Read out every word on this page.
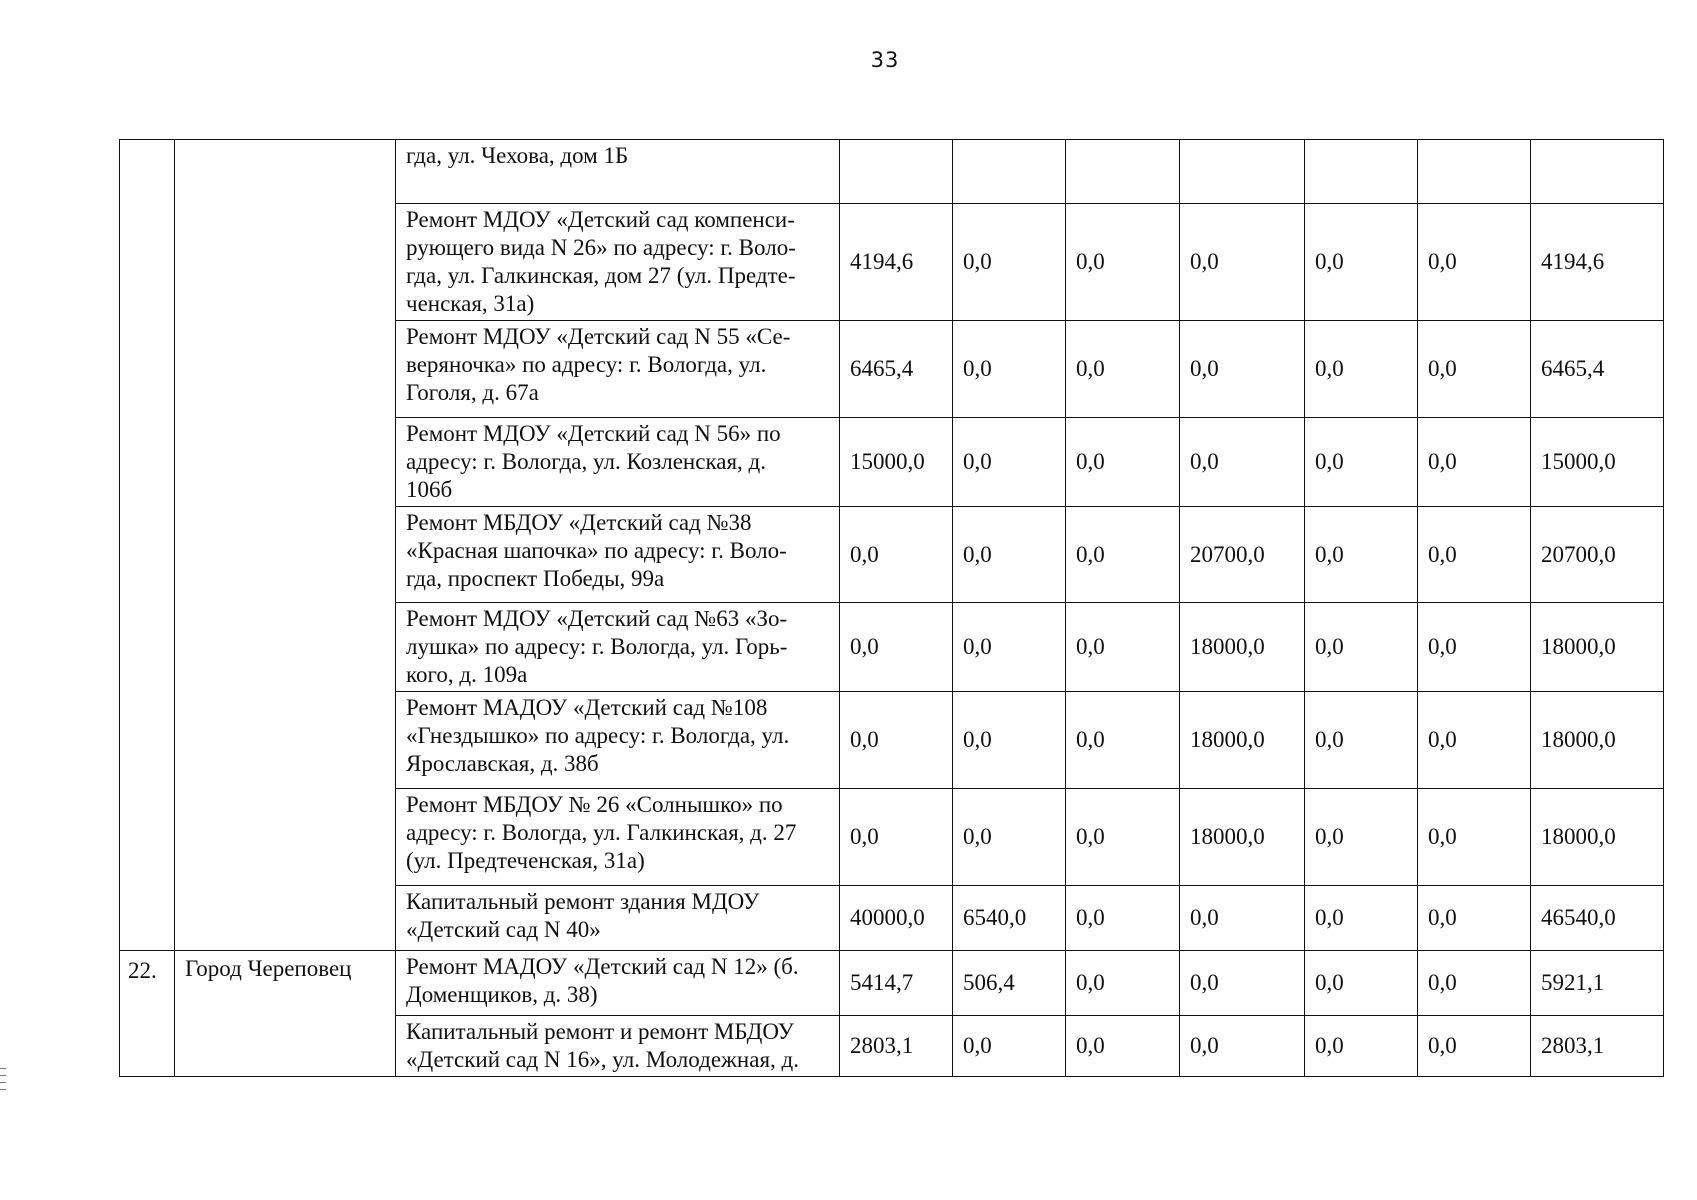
33
		гда, ул. Чехова, дом 1Б							
		Ремонт МДОУ «Детский сад компенси-
рующего вида N 26» по адресу: г. Воло-
гда, ул. Галкинская, дом 27 (ул. Предте-
ченская, 31а)	4194,6	0,0	0,0	0,0	0,0	0,0	4194,6
		Ремонт МДОУ «Детский сад N 55 «Се-
веряночка» по адресу: г. Вологда, ул.
Гоголя, д. 67а	6465,4	0,0	0,0	0,0	0,0	0,0	6465,4
		Ремонт МДОУ «Детский сад N 56» по
адресу: г. Вологда, ул. Козленская, д.
106б	15000,0	0,0	0,0	0,0	0,0	0,0	15000,0
		Ремонт МБДОУ «Детский сад №38
«Красная шапочка» по адресу: г. Воло-
гда, проспект Победы, 99а	0,0	0,0	0,0	20700,0	0,0	0,0	20700,0
		Ремонт МДОУ «Детский сад №63 «Зо-
лушка» по адресу: г. Вологда, ул. Горь-
кого, д. 109а	0,0	0,0	0,0	18000,0	0,0	0,0	18000,0
		Ремонт МАДОУ «Детский сад №108
«Гнездышко» по адресу: г. Вологда, ул.
Ярославская, д. 38б	0,0	0,0	0,0	18000,0	0,0	0,0	18000,0
		Ремонт МБДОУ № 26 «Солнышко» по
адресу: г. Вологда, ул. Галкинская, д. 27
(ул. Предтеченская, 31а)	0,0	0,0	0,0	18000,0	0,0	0,0	18000,0
		Капитальный ремонт здания МДОУ
«Детский сад N 40»	40000,0	6540,0	0,0	0,0	0,0	0,0	46540,0
22.	Город Череповец	Ремонт МАДОУ «Детский сад N 12» (б.
Доменщиков, д. 38)	5414,7	506,4	0,0	0,0	0,0	0,0	5921,1
		Капитальный ремонт и ремонт МБДОУ
«Детский сад N 16», ул. Молодежная, д.	2803,1	0,0	0,0	0,0	0,0	0,0	2803,1
